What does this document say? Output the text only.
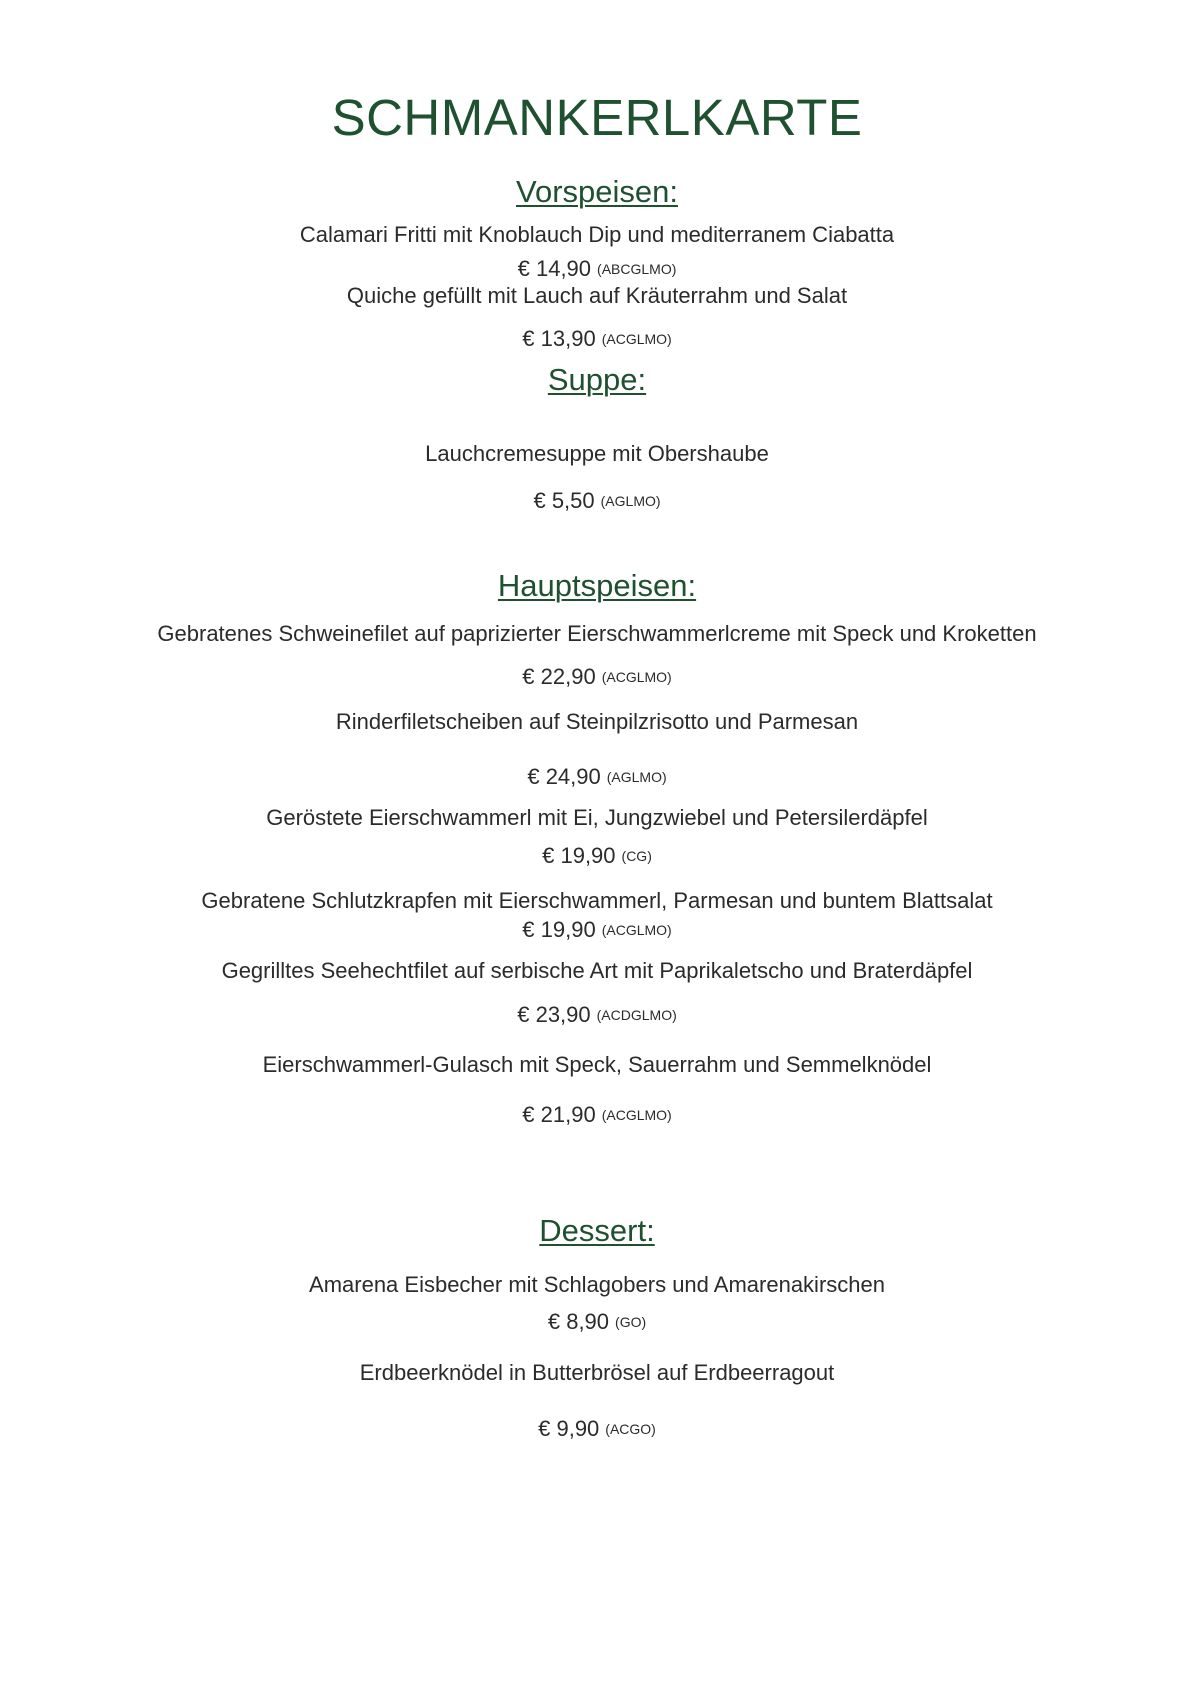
SCHMANKERLKARTE
Vorspeisen:
Calamari Fritti mit Knoblauch Dip und mediterranem Ciabatta
€ 14,90 (ABCGLMO)
Quiche gefüllt mit Lauch auf Kräuterrahm und Salat
€ 13,90 (ACGLMO)
Suppe:
Lauchcremesuppe mit Obershaube
€ 5,50 (AGLMO)
Hauptspeisen:
Gebratenes Schweinefilet auf paprizierter Eierschwammerlcreme mit Speck und Kroketten
€ 22,90 (ACGLMO)
Rinderfiletscheiben auf Steinpilzrisotto und Parmesan
€ 24,90 (AGLMO)
Geröstete Eierschwammerl mit Ei, Jungzwiebel und Petersilerdäpfel
€ 19,90 (CG)
Gebratene Schlutzkrapfen mit Eierschwammerl, Parmesan und buntem Blattsalat
€ 19,90 (ACGLMO)
Gegrilltes Seehechtfilet auf serbische Art mit Paprikaletscho und Braterdäpfel
€ 23,90 (ACDGLMO)
Eierschwammerl-Gulasch mit Speck, Sauerrahm und Semmelknödel
€ 21,90 (ACGLMO)
Dessert:
Amarena Eisbecher mit Schlagobers und Amarenakirschen
€ 8,90 (GO)
Erdbeerknödel in Butterbrösel auf Erdbeerragout
€ 9,90 (ACGO)
